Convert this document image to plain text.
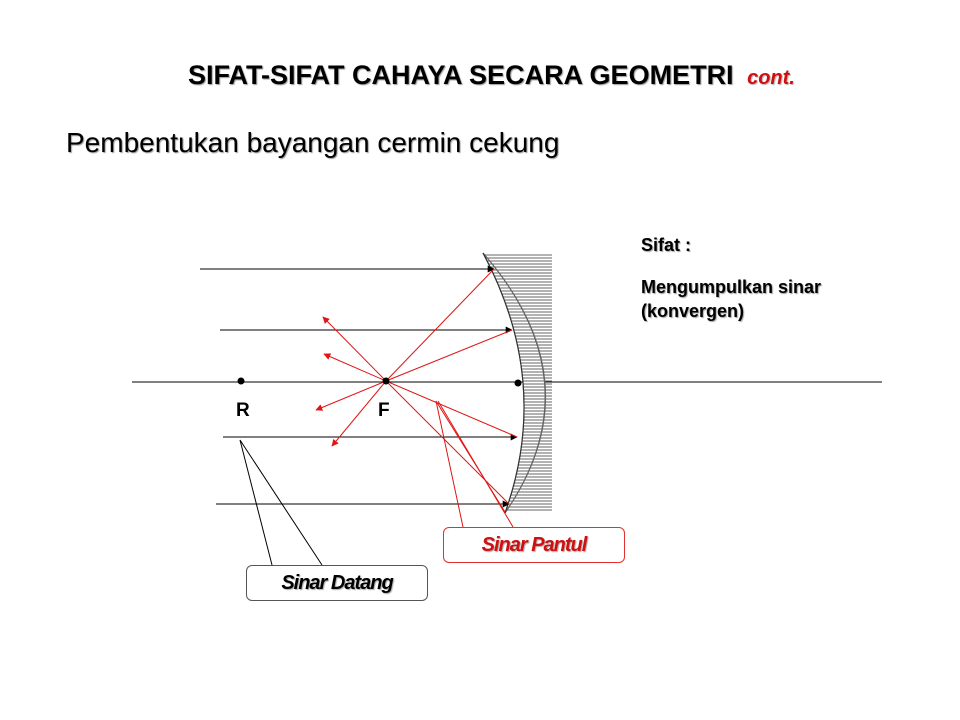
SIFAT-SIFAT CAHAYA SECARA GEOMETRI cont.
Pembentukan bayangan cermin cekung
R	F
Sifat :
Mengumpulkan sinar
(konvergen)
Sinar Pantul
Sinar Datang
